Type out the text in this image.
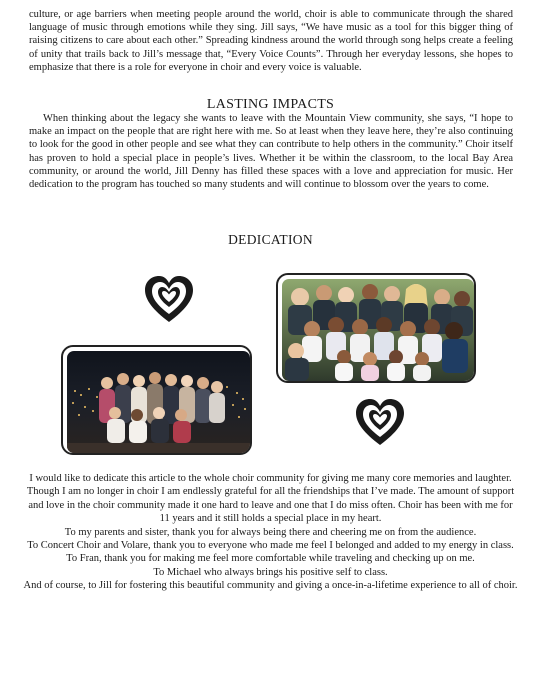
culture, or age barriers when meeting people around the world, choir is able to communicate through the shared language of music through emotions while they sing. Jill says, “We have music as a tool for this bigger thing of raising citizens to care about each other.” Spreading kindness around the world through song helps create a feeling of unity that trails back to Jill’s message that, “Every Voice Counts”. Through her everyday lessons, she hopes to emphasize that there is a role for everyone in choir and every voice is valuable.

LASTING IMPACTS

When thinking about the legacy she wants to leave with the Mountain View community, she says, “I hope to make an impact on the people that are right here with me. So at least when they leave here, they’re also continuing to look for the good in other people and see what they can contribute to help others in the community.” Choir itself has proven to hold a special place in people’s lives. Whether it be within the classroom, to the local Bay Area community, or around the world, Jill Denny has filled these spaces with a love and appreciation for music. Her dedication to the program has touched so many students and will continue to blossom over the years to come.

DEDICATION

I would like to dedicate this article to the whole choir community for giving me many core memories and laughter. Though I am no longer in choir I am endlessly grateful for all the friendships that I’ve made. The amount of support and love in the choir community made it one hard to leave and one that I do miss often. Choir has been with me for 11 years and it still holds a special place in my heart.

To my parents and sister, thank you for always being there and cheering me on from the audience.

To Concert Choir and Volare, thank you to everyone who made me feel I belonged and added to my energy in class.

To Fran, thank you for making me feel more comfortable while traveling and checking up on me.

To Michael who always brings his positive self to class.

And of course, to Jill for fostering this beautiful community and giving a once-in-a-lifetime experience to all of choir.
